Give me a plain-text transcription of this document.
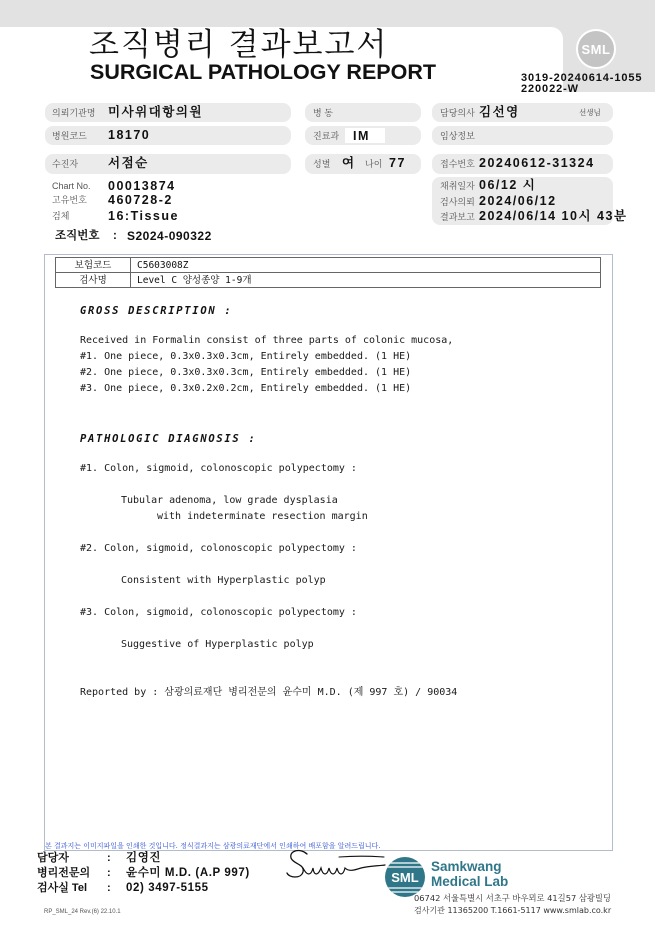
조직병리 결과보고서
SURGICAL PATHOLOGY REPORT
SML
3019-20240614-1055
220022-W
의뢰기관명 미사위대항의원	병 동	담당의사 김선영	선생님
병원코드 18170	진료과 IM	임상정보
수진자 서점순	성별 여 나이 77	접수번호 20240612-31324
Chart No. 00013874
고유번호 460728-2
검체	16:Tissue
채취일자 06/12 시
검사의뢰 2024/06/12
결과보고 2024/06/14 10시 43분
조직번호 : S2024-090322
보험코드	C5603008Z
검사명	Level C 양성종양 1-9개
GROSS DESCRIPTION :
Received in Formalin consist of three parts of colonic mucosa,
#1. One piece, 0.3x0.3x0.3cm, Entirely embedded. (1 HE)
#2. One piece, 0.3x0.3x0.3cm, Entirely embedded. (1 HE)
#3. One piece, 0.3x0.2x0.2cm, Entirely embedded. (1 HE)
PATHOLOGIC DIAGNOSIS :
#1. Colon, sigmoid, colonoscopic polypectomy :
Tubular adenoma, low grade dysplasia
with indeterminate resection margin
#2. Colon, sigmoid, colonoscopic polypectomy :
Consistent with Hyperplastic polyp
#3. Colon, sigmoid, colonoscopic polypectomy :
Suggestive of Hyperplastic polyp
Reported by : 삼광의료재단 병리전문의 윤수미 M.D. (제 997 호) / 90034
본 결과지는 이미지파일을 인쇄한 것입니다. 정식결과지는 삼광의료재단에서 인쇄하여 배포함을 알려드립니다.
담당자	: 김영진
병리전문의 : 윤수미 M.D. (A.P 997)
검사실 Tel : 02) 3497-5155
SML
Samkwang
Medical Lab
06742 서울특별시 서초구 바우뫼로 41길57 삼광빌딩
검사기관 11365200 T.1661-5117 www.smlab.co.kr
RP_SML_24 Rev.(6) 22.10.1
